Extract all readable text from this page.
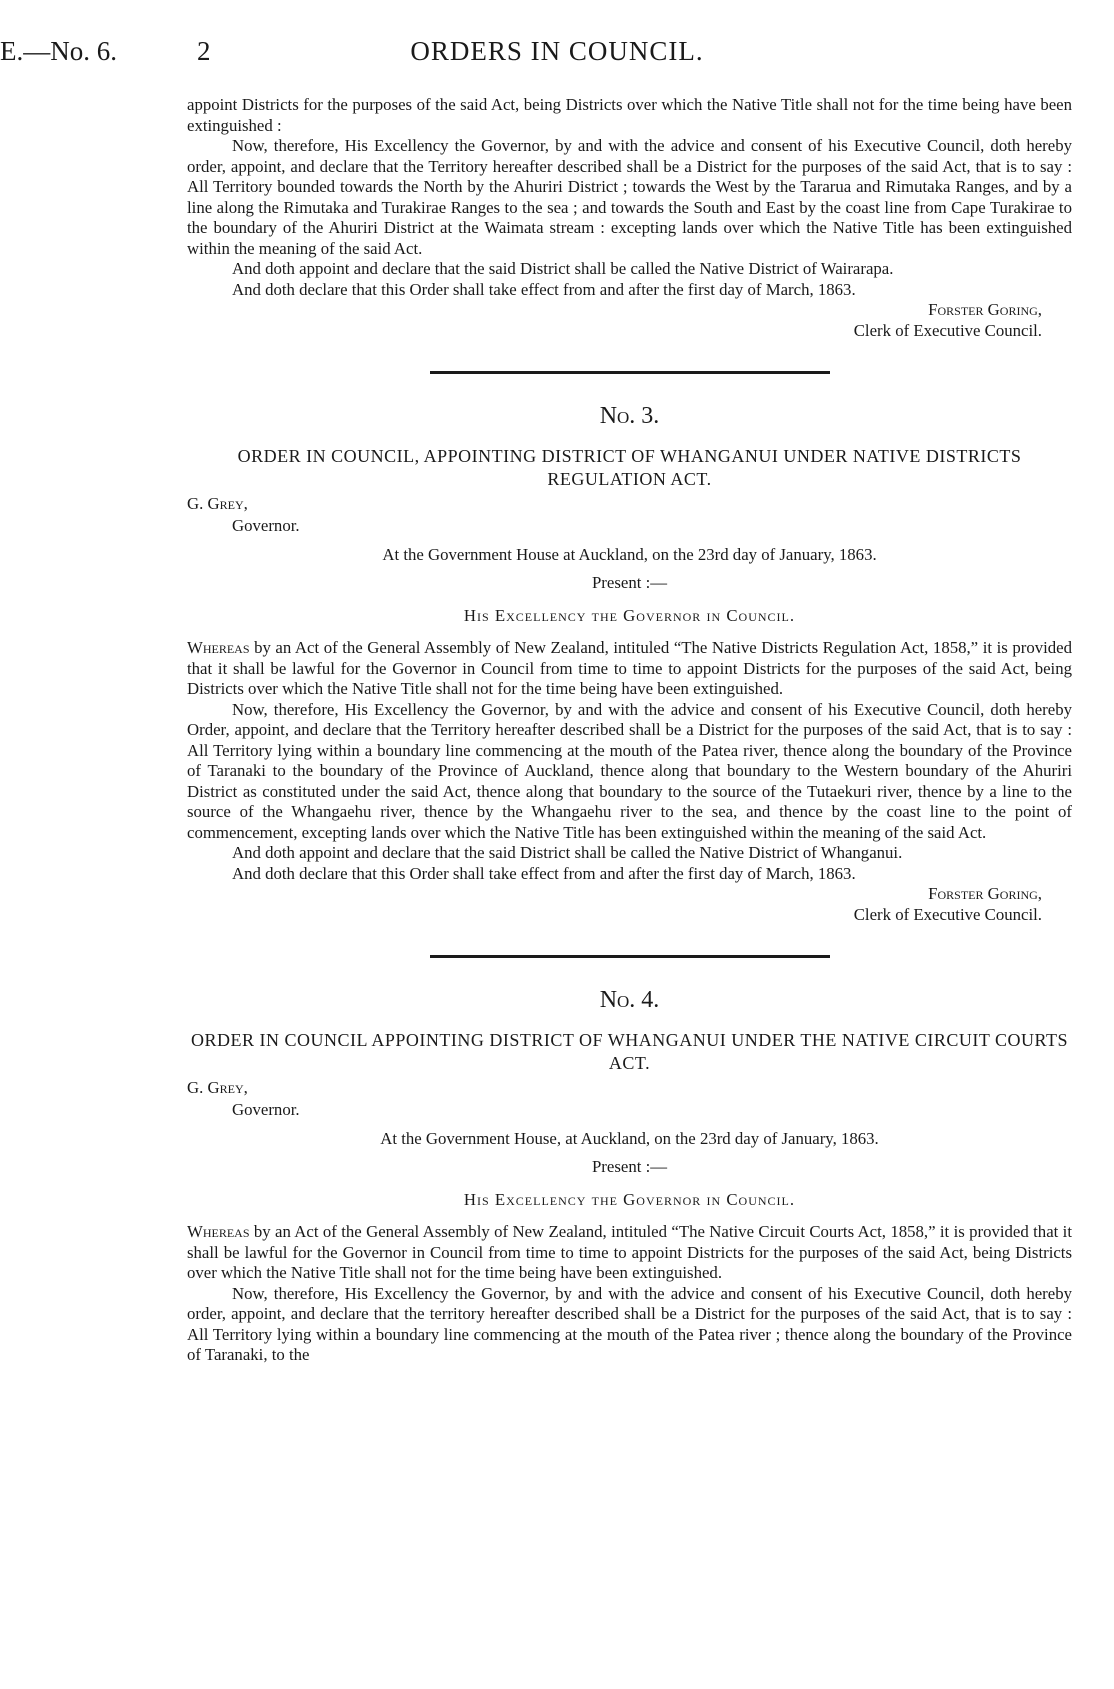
E.—No. 6.	2	ORDERS IN COUNCIL.

appoint Districts for the purposes of the said Act, being Districts over which the Native Title shall not for the time being have been extinguished :

Now, therefore, His Excellency the Governor, by and with the advice and consent of his Executive Council, doth hereby order, appoint, and declare that the Territory hereafter described shall be a District for the purposes of the said Act, that is to say : All Territory bounded towards the North by the Ahuriri District ; towards the West by the Tararua and Rimutaka Ranges, and by a line along the Rimutaka and Turakirae Ranges to the sea ; and towards the South and East by the coast line from Cape Turakirae to the boundary of the Ahuriri District at the Waimata stream : excepting lands over which the Native Title has been extinguished within the meaning of the said Act.

And doth appoint and declare that the said District shall be called the Native District of Wairarapa.

And doth declare that this Order shall take effect from and after the first day of March, 1863.

Forster Goring,

Clerk of Executive Council.

No. 3.

ORDER IN COUNCIL, APPOINTING DISTRICT OF WHANGANUI UNDER NATIVE DISTRICTS REGULATION ACT.

G. Grey,
Governor.

At the Government House at Auckland, on the 23rd day of January, 1863.

Present :—

His Excellency the Governor in Council.

Whereas by an Act of the General Assembly of New Zealand, intituled “The Native Districts Regulation Act, 1858,” it is provided that it shall be lawful for the Governor in Council from time to time to appoint Districts for the purposes of the said Act, being Districts over which the Native Title shall not for the time being have been extinguished.

Now, therefore, His Excellency the Governor, by and with the advice and consent of his Executive Council, doth hereby Order, appoint, and declare that the Territory hereafter described shall be a District for the purposes of the said Act, that is to say : All Territory lying within a boundary line commencing at the mouth of the Patea river, thence along the boundary of the Province of Taranaki to the boundary of the Province of Auckland, thence along that boundary to the Western boundary of the Ahuriri District as constituted under the said Act, thence along that boundary to the source of the Tutaekuri river, thence by a line to the source of the Whangaehu river, thence by the Whangaehu river to the sea, and thence by the coast line to the point of commencement, excepting lands over which the Native Title has been extinguished within the meaning of the said Act.

And doth appoint and declare that the said District shall be called the Native District of Whanganui.

And doth declare that this Order shall take effect from and after the first day of March, 1863.

Forster Goring,

Clerk of Executive Council.

No. 4.

ORDER IN COUNCIL APPOINTING DISTRICT OF WHANGANUI UNDER THE NATIVE CIRCUIT COURTS ACT.

G. Grey,
Governor.

At the Government House, at Auckland, on the 23rd day of January, 1863.

Present :—

His Excellency the Governor in Council.

Whereas by an Act of the General Assembly of New Zealand, intituled “The Native Circuit Courts Act, 1858,” it is provided that it shall be lawful for the Governor in Council from time to time to appoint Districts for the purposes of the said Act, being Districts over which the Native Title shall not for the time being have been extinguished.

Now, therefore, His Excellency the Governor, by and with the advice and consent of his Executive Council, doth hereby order, appoint, and declare that the territory hereafter described shall be a District for the purposes of the said Act, that is to say : All Territory lying within a boundary line commencing at the mouth of the Patea river ; thence along the boundary of the Province of Taranaki, to the
